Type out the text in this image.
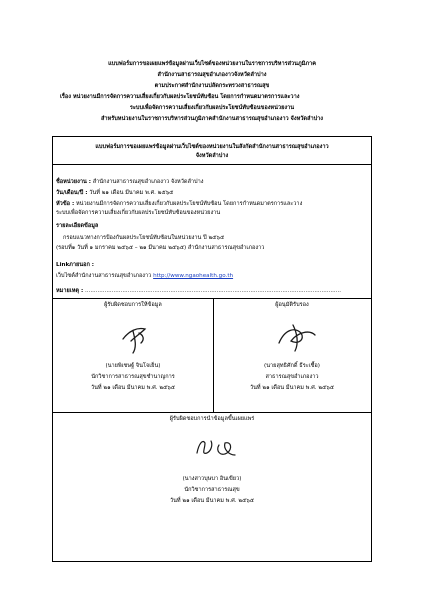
แบบฟอร์มการขอเผยแพร่ข้อมูลผ่านเว็บไซต์ของหน่วยงานในราชการบริหารส่วนภูมิภาค
สำนักงานสาธารณสุขอำเภองาวจังหวัดลำปาง
ตามประกาศสำนักงานปลัดกระทรวงสาธารณสุข
เรื่อง หน่วยงานมีการจัดการความเสี่ยงเกี่ยวกับผลประโยชน์ทับซ้อน โดยการกำหนดมาตรการและวาง
ระบบเพื่อจัดการความเสี่ยงเกี่ยวกับผลประโยชน์ทับซ้อนของหน่วยงาน
สำหรับหน่วยงานในราชการบริหารส่วนภูมิภาคสำนักงานสาธารณสุขอำเภองาว จังหวัดลำปาง
แบบฟอร์มการขอเผยแพร่ข้อมูลผ่านเว็บไซต์ของหน่วยงานในสังกัดสำนักงานสาธารณสุขอำเภองาว
จังหวัดลำปาง
ชื่อหน่วยงาน : สำนักงานสาธารณสุขอำเภองาว จังหวัดลำปาง
วัน/เดือน/ปี : วันที่ ๒๑ เดือน มีนาคม พ.ศ. ๒๕๖๕
หัวข้อ : หน่วยงานมีการจัดการความเสี่ยงเกี่ยวกับผลประโยชน์ทับซ้อน โดยการกำหนดมาตรการและวาง
ระบบเพื่อจัดการความเสี่ยงเกี่ยวกับผลประโยชน์ทับซ้อนของหน่วยงาน
รายละเอียดข้อมูล
กรอบแนวทางการป้องกันผลประโยชน์ทับซ้อนในหน่วยงาน ปี ๒๕๖๕
(รอบที่๑ วันที่ ๑ มกราคม ๒๕๖๕ – ๒๑ มีนาคม ๒๕๖๕) สำนักงานสาธารณสุขอำเภองาว
Linkภายนอก :
เว็บไซต์สำนักงานสาธารณสุขอำเภองาว http://www.ngaohealth.go.th
หมายเหตุ : ................................................................................................................................................
ผู้รับผิดชอบการให้ข้อมูล
(นายพิเชษฐ์ จินโจเย็น)
นักวิชาการสาธารณสุขชำนาญการ
วันที่ ๒๑ เดือน มีนาคม พ.ศ. ๒๕๖๕
ผู้อนุมัติรับรอง
(นายสุทธิศักดิ์ ธีระเชื้อ)
สาธารณสุขอำเภองาว
วันที่ ๒๑ เดือน มีนาคม พ.ศ. ๒๕๖๕
ผู้รับผิดชอบการนำข้อมูลขึ้นเผยแพร่
(นางสาวบุษบา อินเขียว)
นักวิชาการสาธารณสุข
วันที่ ๒๑ เดือน มีนาคม พ.ศ. ๒๕๖๕
